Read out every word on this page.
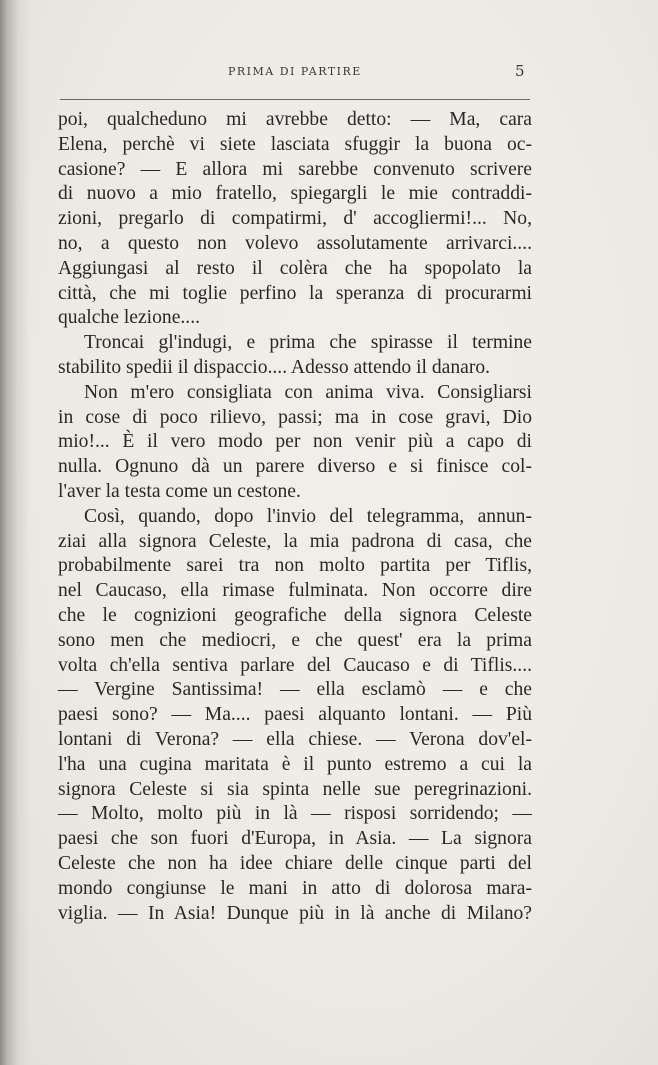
PRIMA DI PARTIRE	5
poi, qualcheduno mi avrebbe detto: — Ma, cara
Elena, perchè vi siete lasciata sfuggir la buona oc-
casione? — E allora mi sarebbe convenuto scrivere
di nuovo a mio fratello, spiegargli le mie contraddi-
zioni, pregarlo di compatirmi, d' accogliermi!... No,
no, a questo non volevo assolutamente arrivarci....
Aggiungasi al resto il colèra che ha spopolato la
città, che mi toglie perfino la speranza di procurarmi
qualche lezione....
Troncai gl'indugi, e prima che spirasse il termine
stabilito spedii il dispaccio.... Adesso attendo il danaro.
Non m'ero consigliata con anima viva. Consigliarsi
in cose di poco rilievo, passi; ma in cose gravi, Dio
mio!... È il vero modo per non venir più a capo di
nulla. Ognuno dà un parere diverso e si finisce col-
l'aver la testa come un cestone.
Così, quando, dopo l'invio del telegramma, annun-
ziai alla signora Celeste, la mia padrona di casa, che
probabilmente sarei tra non molto partita per Tiflis,
nel Caucaso, ella rimase fulminata. Non occorre dire
che le cognizioni geografiche della signora Celeste
sono men che mediocri, e che quest' era la prima
volta ch'ella sentiva parlare del Caucaso e di Tiflis....
— Vergine Santissima! — ella esclamò — e che
paesi sono? — Ma.... paesi alquanto lontani. — Più
lontani di Verona? — ella chiese. — Verona dov'el-
l'ha una cugina maritata è il punto estremo a cui la
signora Celeste si sia spinta nelle sue peregrinazioni.
— Molto, molto più in là — risposi sorridendo; —
paesi che son fuori d'Europa, in Asia. — La signora
Celeste che non ha idee chiare delle cinque parti del
mondo congiunse le mani in atto di dolorosa mara-
viglia. — In Asia! Dunque più in là anche di Milano?
